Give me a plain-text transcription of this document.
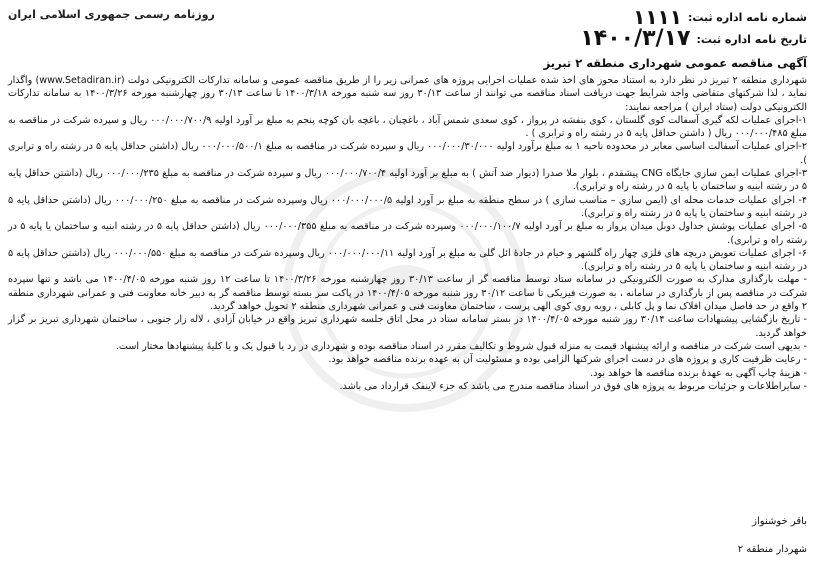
شماره نامه اداره ثبت:
۱۱۱۱
تاریخ نامه اداره ثبت:
۱۴۰۰/۳/۱۷
روزنامه رسمی جمهوری اسلامی ایران
آگهی مناقصه عمومی شهرداری منطقه ۲ تبریز

شهرداری منطقه ۲ تبریز در نظر دارد به استناد مجوز های اخذ شده عملیات اجرایی پروژه های عمرانی زیر را از طریق مناقصه عمومی و سامانه تدارکات الکترونیکی دولت (www.Setadiran.ir) واگذار نماید ، لذا شرکتهای متقاضی واجد شرایط جهت دریافت اسناد مناقصه می توانند از ساعت ۳۰/۱۳ روز سه شنبه مورخه ۱۴۰۰/۳/۱۸ تا ساعت ۳۰/۱۳ روز چهارشنبه مورخه ۱۴۰۰/۳/۲۶ به سامانه تدارکات الکترونیکی دولت (ستاد ایران ) مراجعه نمایند:

۱-اجرای عملیات لکه گیری آسفالت کوی گلستان ، کوی بنفشه در پرواز ، کوی سعدی شمس آباد ، باغچبان ، باغچه بان کوچه پنجم به مبلغ بر آورد اولیه ۰۰۰/۰۰۰/۷۰۰/۹ ریال و سپرده شرکت در مناقصه به مبلغ ۰۰۰/۰۰۰/۴۸۵ ریال ( داشتن حداقل پایه ۵ در رشته راه و ترابری ) .

۲-اجرای عملیات آسفالت اساسی معابر در محدوده ناحیه ۱ به مبلغ برآورد اولیه ۰۰۰/۰۰۰/۳۰/۰۰۰ ریال و سپرده شرکت در مناقصه به مبلغ ۰۰۰/۰۰۰/۵۰۰/۱ ریال (داشتن حداقل پایه ۵ در رشته راه و ترابری ).

۳-اجرای عملیات ایمن سازی جایگاه CNG پیشقدم ، بلوار ملا صدرا (دیوار ضد آتش ) به مبلغ بر آورد اولیه ۰۰۰/۰۰۰/۷۰۰/۴ ریال و سپرده شرکت در مناقصه به مبلغ ۰۰۰/۰۰۰/۲۳۵ ریال (داشتن حداقل پایه ۵ در رشته ابنیه و ساختمان یا پایه ۵ در رشته راه و ترابری).

۴- اجرای عملیات خدمات محله ای (ایمن سازی – مناسب سازی ) در سطح منطقه به مبلغ بر آورد اولیه ۰۰۰/۰۰۰/۰۰۰/۵ ریال وسپرده شرکت در مناقصه به مبلغ ۰۰۰/۰۰۰/۲۵۰ ریال (داشتن حداقل پایه ۵ در رشته ابنیه و ساختمان یا پایه ۵ در رشته راه و ترابری).

۵- اجرای عملیات پوشش جداول دوبل میدان پرواز به مبلغ بر آورد اولیه ۰۰۰/۰۰۰/۱۰۰/۷ وسپرده شرکت در مناقصه به مبلغ ۰۰۰/۰۰۰/۳۵۵ ریال (داشتن حداقل پایه ۵ در رشته ابنیه و ساختمان یا پایه ۵ در رشته راه و ترابری).

۶- اجرای عملیات تعویض دریچه های فلزی چهار راه گلشهر و خیام در جادهٔ ائل گلی به مبلغ بر آورد اولیه ۰۰۰/۰۰۰/۰۰۰/۱۱ ریال وسپرده شرکت در مناقصه به مبلغ ۰۰۰/۰۰۰/۵۵۰ ریال (داشتن حداقل پایه ۵ در رشته ابنیه و ساختمان یا پایه ۵ در رشته راه و ترابری).

- مهلت بارگذاری مدارک به صورت الکترونیکی در سامانه ستاد توسط مناقصه گر از ساعت ۳۰/۱۳ روز چهارشنبه مورخه ۱۴۰۰/۳/۲۶ تا ساعت ۱۲ روز شنبه مورخه ۱۴۰۰/۴/۰۵ می باشد و تنها سپرده شرکت در مناقصه پس از بارگذاری در سامانه ، به صورت فیزیکی تا ساعت ۳۰/۱۲ روز شنبه مورخه ۱۴۰۰/۴/۰۵ در پاکت سر بسته توسط مناقصه گر به دبیر خانه معاونت فنی و عمرانی شهرداری منطقه ۲ واقع در حد فاصل میدان افلاک نما و پل کابلی ، روبه روی کوی الهی پرست ، ساختمان معاونت فنی و عمرانی شهرداری منطقه ۲ تحویل خواهد گردید.

- تاریخ بازگشایی پیشنهادات ساعت ۳۰/۱۴ روز شنبه مورخه ۱۴۰۰/۴/۰۵ در بستر سامانه ستاد در محل اتاق جلسه شهرداری تبریز واقع در خیابان آزادی ، لاله زار جنوبی ، ساختمان شهرداری تبریز بر گزار خواهد گردید.

- بدیهی است شرکت در مناقصه و ارائه پیشنهاد قیمت به منزله قبول شروط و تکالیف مقرر در اسناد مناقصه بوده و شهرداری در رد یا قبول یک و یا کلیهٔ پیشنهادها مختار است.

- رعایت ظرفیت کاری و پروژه های در دست اجرای شرکتها الزامی بوده و مسئولیت آن به عهده برنده مناقصه خواهد بود.

- هزینهٔ چاپ آگهی به عهدهٔ برنده مناقصه ها خواهد بود.

- سایراطلاعات و جزئیات مربوط به پروژه های فوق در اسناد مناقصه مندرج می باشد که جزء لاینفک قرارداد می باشد.

باقر خوشنواز
شهردار منطقه ۲
